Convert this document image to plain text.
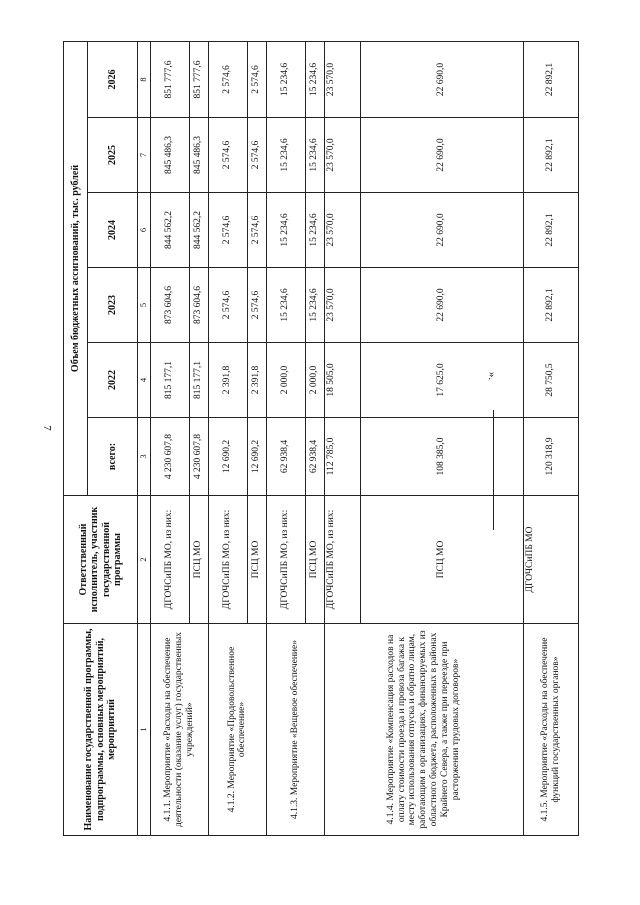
7
Наименование государственной программы, подпрограммы, основных мероприятий, мероприятий	Ответственный исполнитель, участник государственной программы	Объем бюджетных ассигнований, тыс. рублей					
		всего:	2022	2023	2024	2025	2026
1	2	3	4	5	6	7	8
4.1.1. Мероприятие «Расходы на обеспечение деятельности (оказание услуг) государственных учреждений»	ДГОЧСиПБ МО, из них:	4 230 607,8	815 177,1	873 604,6	844 562,2	845 486,3	851 777,6
	ПСЦ МО	4 230 607,8	815 177,1	873 604,6	844 562,2	845 486,3	851 777,6
4.1.2. Мероприятие «Продовольственное обеспечение»	ДГОЧСиПБ МО, из них:	12 690,2	2 391,8	2 574,6	2 574,6	2 574,6	2 574,6
	ПСЦ МО	12 690,2	2 391,8	2 574,6	2 574,6	2 574,6	2 574,6
4.1.3. Мероприятие «Вещевое обеспечение»	ДГОЧСиПБ МО, из них:	62 938,4	2 000,0	15 234,6	15 234,6	15 234,6	15 234,6
	ПСЦ МО	62 938,4	2 000,0	15 234,6	15 234,6	15 234,6	15 234,6
4.1.4. Мероприятие «Компенсация расходов на оплату стоимости проезда и провоза багажа к месту использования отпуска и обратно лицам, работающим в организациях, финансируемых из областного бюджета, расположенных в районах Крайнего Севера, а также при переезде при расторжении трудовых договоров»	ДГОЧСиПБ МО, из них:	112 785,0	18 505,0	23 570,0	23 570,0	23 570,0	23 570,0
	ПСЦ МО	108 385,0	17 625,0	22 690,0	22 690,0	22 690,0	22 690,0
4.1.5. Мероприятие «Расходы на обеспечение функций государственных органов»	ДГОЧСиПБ МО	120 318,9	28 750,5	22 892,1	22 892,1	22 892,1	22 892,1
».
